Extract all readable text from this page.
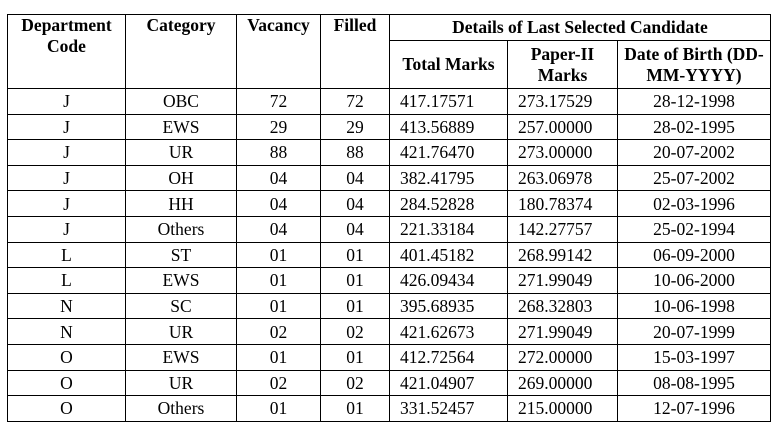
Department Code	Category	Vacancy	Filled	Details of Last Selected Candidate		
				Total Marks	Paper-II Marks	Date of Birth (DD-MM-YYYY)
J	OBC	72	72	417.17571	273.17529	28-12-1998
J	EWS	29	29	413.56889	257.00000	28-02-1995
J	UR	88	88	421.76470	273.00000	20-07-2002
J	OH	04	04	382.41795	263.06978	25-07-2002
J	HH	04	04	284.52828	180.78374	02-03-1996
J	Others	04	04	221.33184	142.27757	25-02-1994
L	ST	01	01	401.45182	268.99142	06-09-2000
L	EWS	01	01	426.09434	271.99049	10-06-2000
N	SC	01	01	395.68935	268.32803	10-06-1998
N	UR	02	02	421.62673	271.99049	20-07-1999
O	EWS	01	01	412.72564	272.00000	15-03-1997
O	UR	02	02	421.04907	269.00000	08-08-1995
O	Others	01	01	331.52457	215.00000	12-07-1996
